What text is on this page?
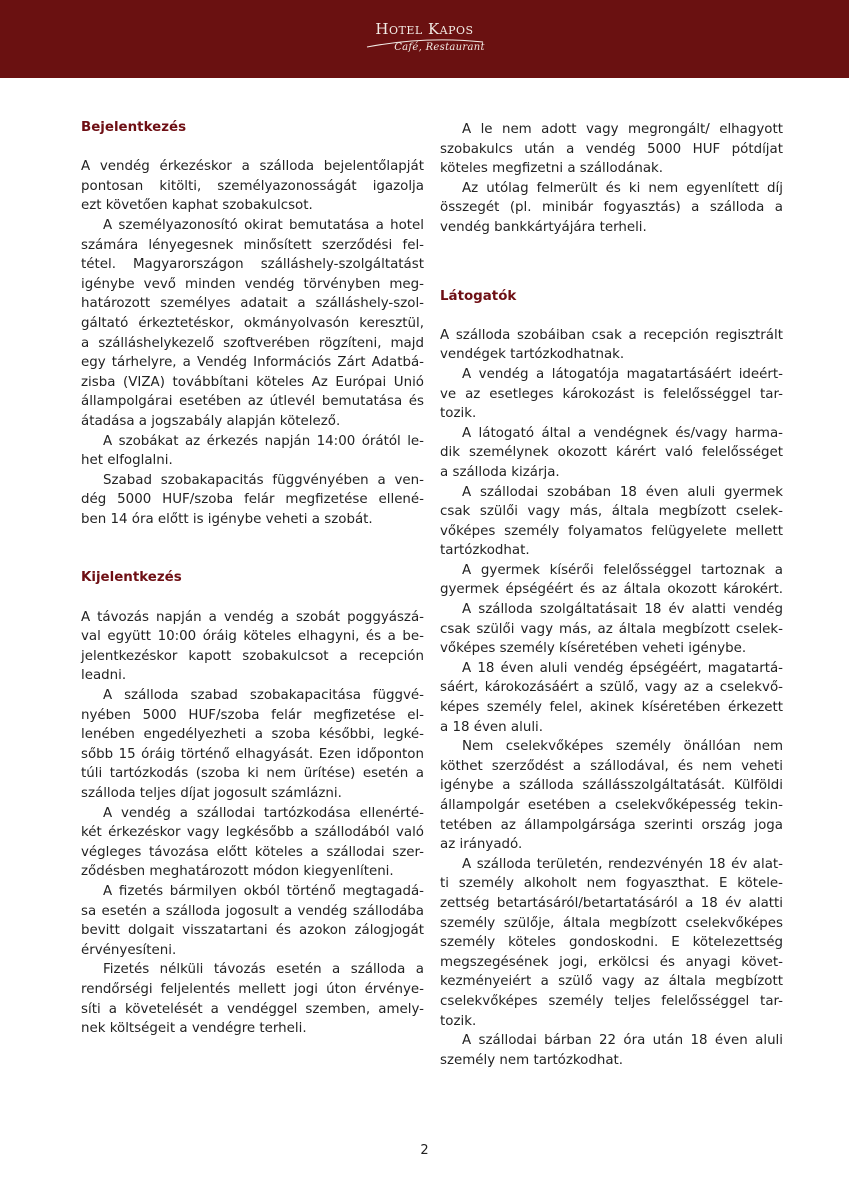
Hotel Kapos
Café, Restaurant
Bejelentkezés
A vendég érkezéskor a szálloda bejelentőlapját
pontosan kitölti, személyazonosságát igazolja
ezt követően kaphat szobakulcsot.
A személyazonosító okirat bemutatása a hotel
számára lényegesnek minősített szerződési fel-
tétel. Magyarországon szálláshely-szolgáltatást
igénybe vevő minden vendég törvényben meg-
határozott személyes adatait a szálláshely-szol-
gáltató érkeztetéskor, okmányolvasón keresztül,
a szálláshelykezelő szoftverében rögzíteni, majd
egy tárhelyre, a Vendég Információs Zárt Adatbá-
zisba (VIZA) továbbítani köteles Az Európai Unió
állampolgárai esetében az útlevél bemutatása és
átadása a jogszabály alapján kötelező.
A szobákat az érkezés napján 14:00 órától le-
het elfoglalni.
Szabad szobakapacitás függvényében a ven-
dég 5000 HUF/szoba felár megfizetése ellené-
ben 14 óra előtt is igénybe veheti a szobát.
Kijelentkezés
A távozás napján a vendég a szobát poggyászá-
val együtt 10:00 óráig köteles elhagyni, és a be-
jelentkezéskor kapott szobakulcsot a recepción
leadni.
A szálloda szabad szobakapacitása függvé-
nyében 5000 HUF/szoba felár megfizetése el-
lenében engedélyezheti a szoba későbbi, legké-
sőbb 15 óráig történő elhagyását. Ezen időponton
túli tartózkodás (szoba ki nem ürítése) esetén a
szálloda teljes díjat jogosult számlázni.
A vendég a szállodai tartózkodása ellenérté-
két érkezéskor vagy legkésőbb a szállodából való
végleges távozása előtt köteles a szállodai szer-
ződésben meghatározott módon kiegyenlíteni.
A fizetés bármilyen okból történő megtagadá-
sa esetén a szálloda jogosult a vendég szállodába
bevitt dolgait visszatartani és azokon zálogjogát
érvényesíteni.
Fizetés nélküli távozás esetén a szálloda a
rendőrségi feljelentés mellett jogi úton érvénye-
síti a követelését a vendéggel szemben, amely-
nek költségeit a vendégre terheli.
A le nem adott vagy megrongált/ elhagyott
szobakulcs után a vendég 5000 HUF pótdíjat
köteles megfizetni a szállodának.
Az utólag felmerült és ki nem egyenlített díj
összegét (pl. minibár fogyasztás) a szálloda a
vendég bankkártyájára terheli.
Látogatók
A szálloda szobáiban csak a recepción regisztrált
vendégek tartózkodhatnak.
A vendég a látogatója magatartásáért ideért-
ve az esetleges károkozást is felelősséggel tar-
tozik.
A látogató által a vendégnek és/vagy harma-
dik személynek okozott kárért való felelősséget
a szálloda kizárja.
A szállodai szobában 18 éven aluli gyermek
csak szülői vagy más, általa megbízott cselek-
vőképes személy folyamatos felügyelete mellett
tartózkodhat.
A gyermek kísérői felelősséggel tartoznak a
gyermek épségéért és az általa okozott károkért.
A szálloda szolgáltatásait 18 év alatti vendég
csak szülői vagy más, az általa megbízott cselek-
vőképes személy kíséretében veheti igénybe.
A 18 éven aluli vendég épségéért, magatartá-
sáért, károkozásáért a szülő, vagy az a cselekvő-
képes személy felel, akinek kíséretében érkezett
a 18 éven aluli.
Nem cselekvőképes személy önállóan nem
köthet szerződést a szállodával, és nem veheti
igénybe a szálloda szállásszolgáltatását. Külföldi
állampolgár esetében a cselekvőképesség tekin-
tetében az állampolgársága szerinti ország joga
az irányadó.
A szálloda területén, rendezvényén 18 év alat-
ti személy alkoholt nem fogyaszthat. E kötele-
zettség betartásáról/betartatásáról a 18 év alatti
személy szülője, általa megbízott cselekvőképes
személy köteles gondoskodni. E kötelezettség
megszegésének jogi, erkölcsi és anyagi követ-
kezményeiért a szülő vagy az általa megbízott
cselekvőképes személy teljes felelősséggel tar-
tozik.
A szállodai bárban 22 óra után 18 éven aluli
személy nem tartózkodhat.
2
